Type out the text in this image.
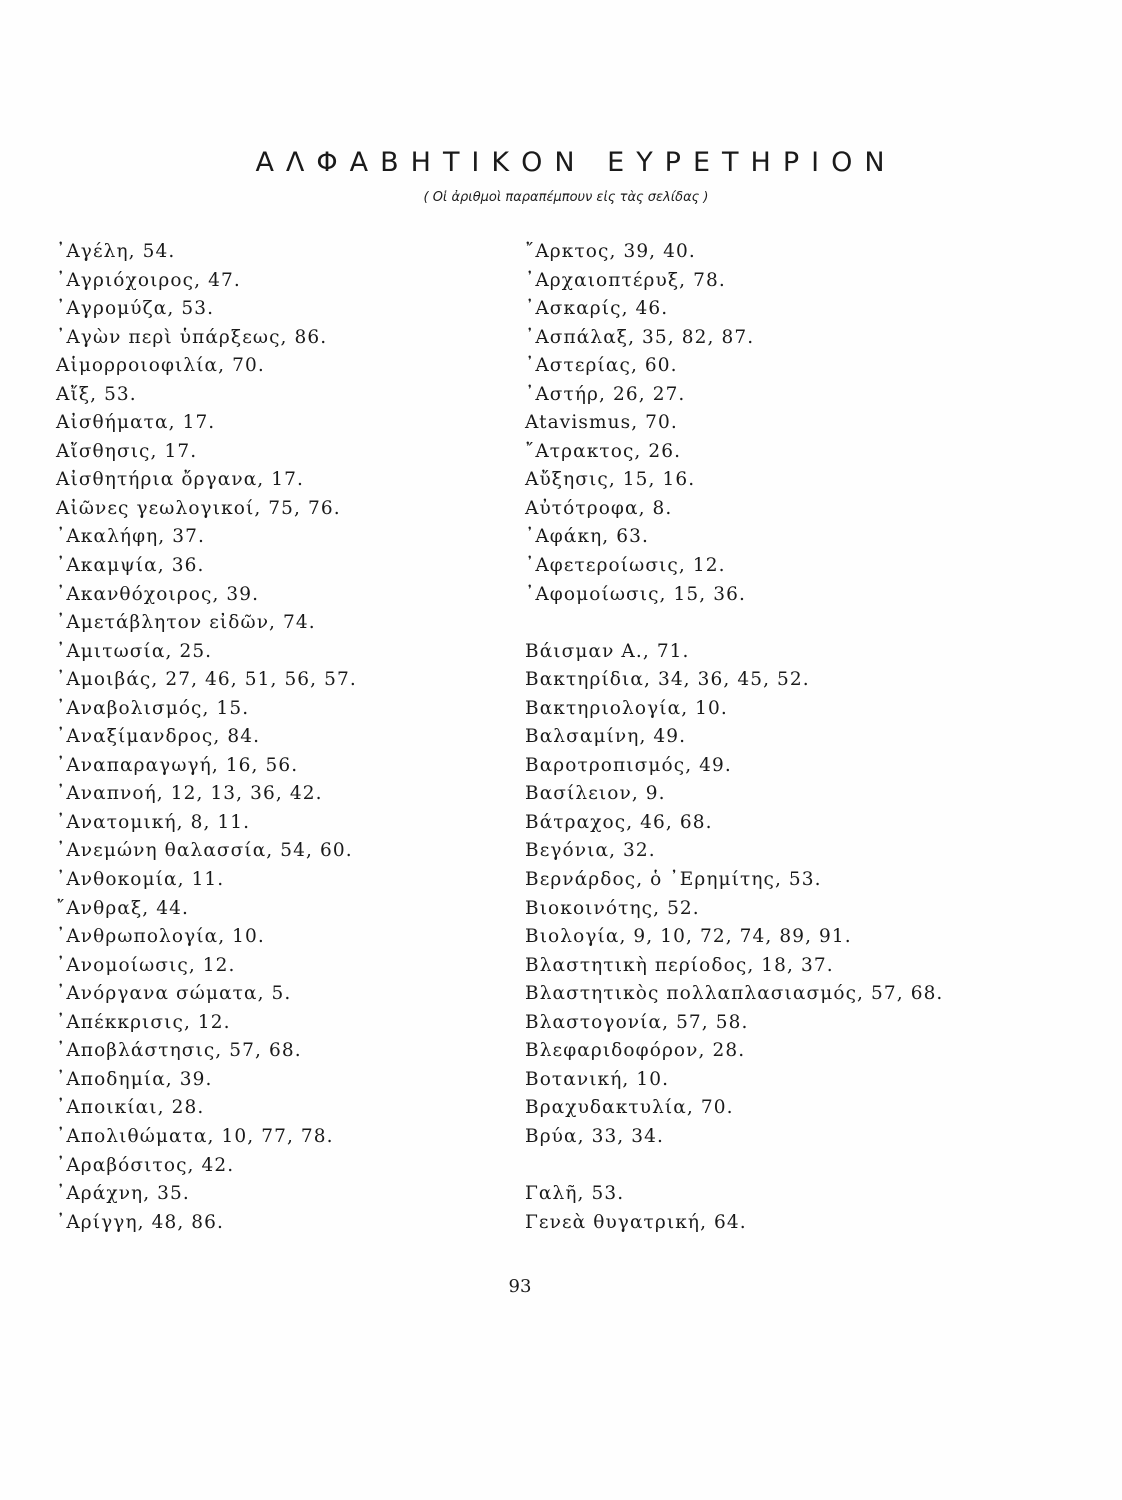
ΑΛΦΑΒΗΤΙΚΟΝ ΕΥΡΕΤΗΡΙΟΝ

( Οἱ ἀριθμοὶ παραπέμπουν εἰς τὰς σελίδας )

᾿Αγέλη, 54.
᾿Αγριόχοιρος, 47.
᾿Αγρομύζα, 53.
᾿Αγὼν περὶ ὑπάρξεως, 86.
Αἱμορροιοφιλία, 70.
Αἴξ, 53.
Αἰσθήματα, 17.
Αἴσθησις, 17.
Αἰσθητήρια ὄργανα, 17.
Αἰῶνες γεωλογικοί, 75, 76.
᾿Ακαλήφη, 37.
᾿Ακαμψία, 36.
᾿Ακανθόχοιρος, 39.
᾿Αμετάβλητον εἰδῶν, 74.
᾿Αμιτωσία, 25.
᾿Αμοιβάς, 27, 46, 51, 56, 57.
᾿Αναβολισμός, 15.
᾿Αναξίμανδρος, 84.
᾿Αναπαραγωγή, 16, 56.
᾿Αναπνοή, 12, 13, 36, 42.
᾿Ανατομική, 8, 11.
᾿Ανεμώνη θαλασσία, 54, 60.
᾿Ανθοκομία, 11.
῎Ανθραξ, 44.
᾿Ανθρωπολογία, 10.
᾿Ανομοίωσις, 12.
᾿Ανόργανα σώματα, 5.
᾿Απέκκρισις, 12.
᾿Αποβλάστησις, 57, 68.
᾿Αποδημία, 39.
᾿Αποικίαι, 28.
᾿Απολιθώματα, 10, 77, 78.
᾿Αραβόσιτος, 42.
᾿Αράχνη, 35.
᾿Αρίγγη, 48, 86.
῎Αρκτος, 39, 40.
᾿Αρχαιοπτέρυξ, 78.
᾿Ασκαρίς, 46.
᾿Ασπάλαξ, 35, 82, 87.
᾿Αστερίας, 60.
᾿Αστήρ, 26, 27.
Atavismus, 70.
῎Ατρακτος, 26.
Αὔξησις, 15, 16.
Αὐτότροφα, 8.
᾿Αφάκη, 63.
᾿Αφετεροίωσις, 12.
᾿Αφομοίωσις, 15, 36.
Βάισμαν Α., 71.
Βακτηρίδια, 34, 36, 45, 52.
Βακτηριολογία, 10.
Βαλσαμίνη, 49.
Βαροτροπισμός, 49.
Βασίλειον, 9.
Βάτραχος, 46, 68.
Βεγόνια, 32.
Βερνάρδος, ὁ ᾿Ερημίτης, 53.
Βιοκοινότης, 52.
Βιολογία, 9, 10, 72, 74, 89, 91.
Βλαστητικὴ περίοδος, 18, 37.
Βλαστητικὸς πολλαπλασιασμός, 57, 68.
Βλαστογονία, 57, 58.
Βλεφαριδοφόρον, 28.
Βοτανική, 10.
Βραχυδακτυλία, 70.
Βρύα, 33, 34.
Γαλῆ, 53.
Γενεὰ θυγατρική, 64.

93
